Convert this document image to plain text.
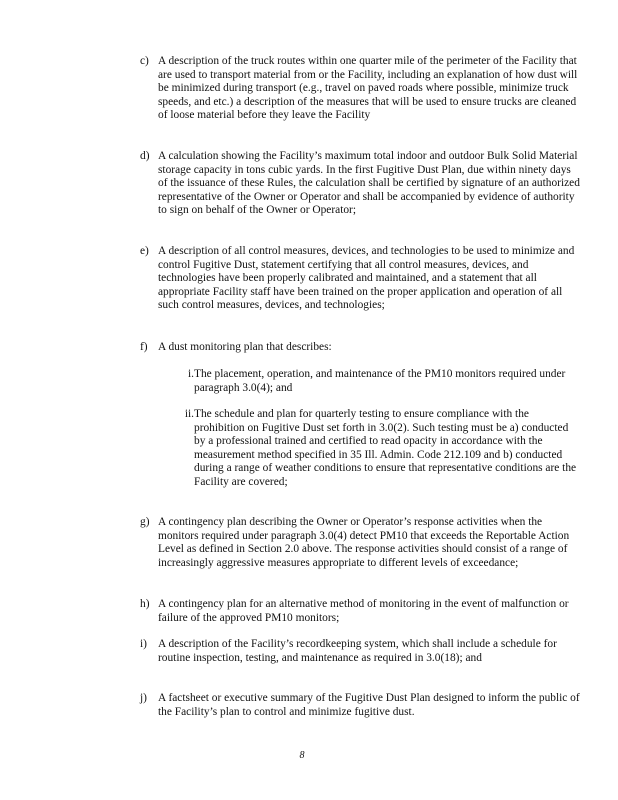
c) A description of the truck routes within one quarter mile of the perimeter of the Facility that are used to transport material from or the Facility, including an explanation of how dust will be minimized during transport (e.g., travel on paved roads where possible, minimize truck speeds, and etc.) a description of the measures that will be used to ensure trucks are cleaned of loose material before they leave the Facility
d) A calculation showing the Facility’s maximum total indoor and outdoor Bulk Solid Material storage capacity in tons cubic yards. In the first Fugitive Dust Plan, due within ninety days of the issuance of these Rules, the calculation shall be certified by signature of an authorized representative of the Owner or Operator and shall be accompanied by evidence of authority to sign on behalf of the Owner or Operator;
e) A description of all control measures, devices, and technologies to be used to minimize and control Fugitive Dust, statement certifying that all control measures, devices, and technologies have been properly calibrated and maintained, and a statement that all appropriate Facility staff have been trained on the proper application and operation of all such control measures, devices, and technologies;
f) A dust monitoring plan that describes:
i. The placement, operation, and maintenance of the PM10 monitors required under paragraph 3.0(4); and
ii. The schedule and plan for quarterly testing to ensure compliance with the prohibition on Fugitive Dust set forth in 3.0(2). Such testing must be a) conducted by a professional trained and certified to read opacity in accordance with the measurement method specified in 35 Ill. Admin. Code 212.109 and b) conducted during a range of weather conditions to ensure that representative conditions are the Facility are covered;
g) A contingency plan describing the Owner or Operator’s response activities when the monitors required under paragraph 3.0(4) detect PM10 that exceeds the Reportable Action Level as defined in Section 2.0 above. The response activities should consist of a range of increasingly aggressive measures appropriate to different levels of exceedance;
h) A contingency plan for an alternative method of monitoring in the event of malfunction or failure of the approved PM10 monitors;
i) A description of the Facility’s recordkeeping system, which shall include a schedule for routine inspection, testing, and maintenance as required in 3.0(18); and
j) A factsheet or executive summary of the Fugitive Dust Plan designed to inform the public of the Facility’s plan to control and minimize fugitive dust.
8
